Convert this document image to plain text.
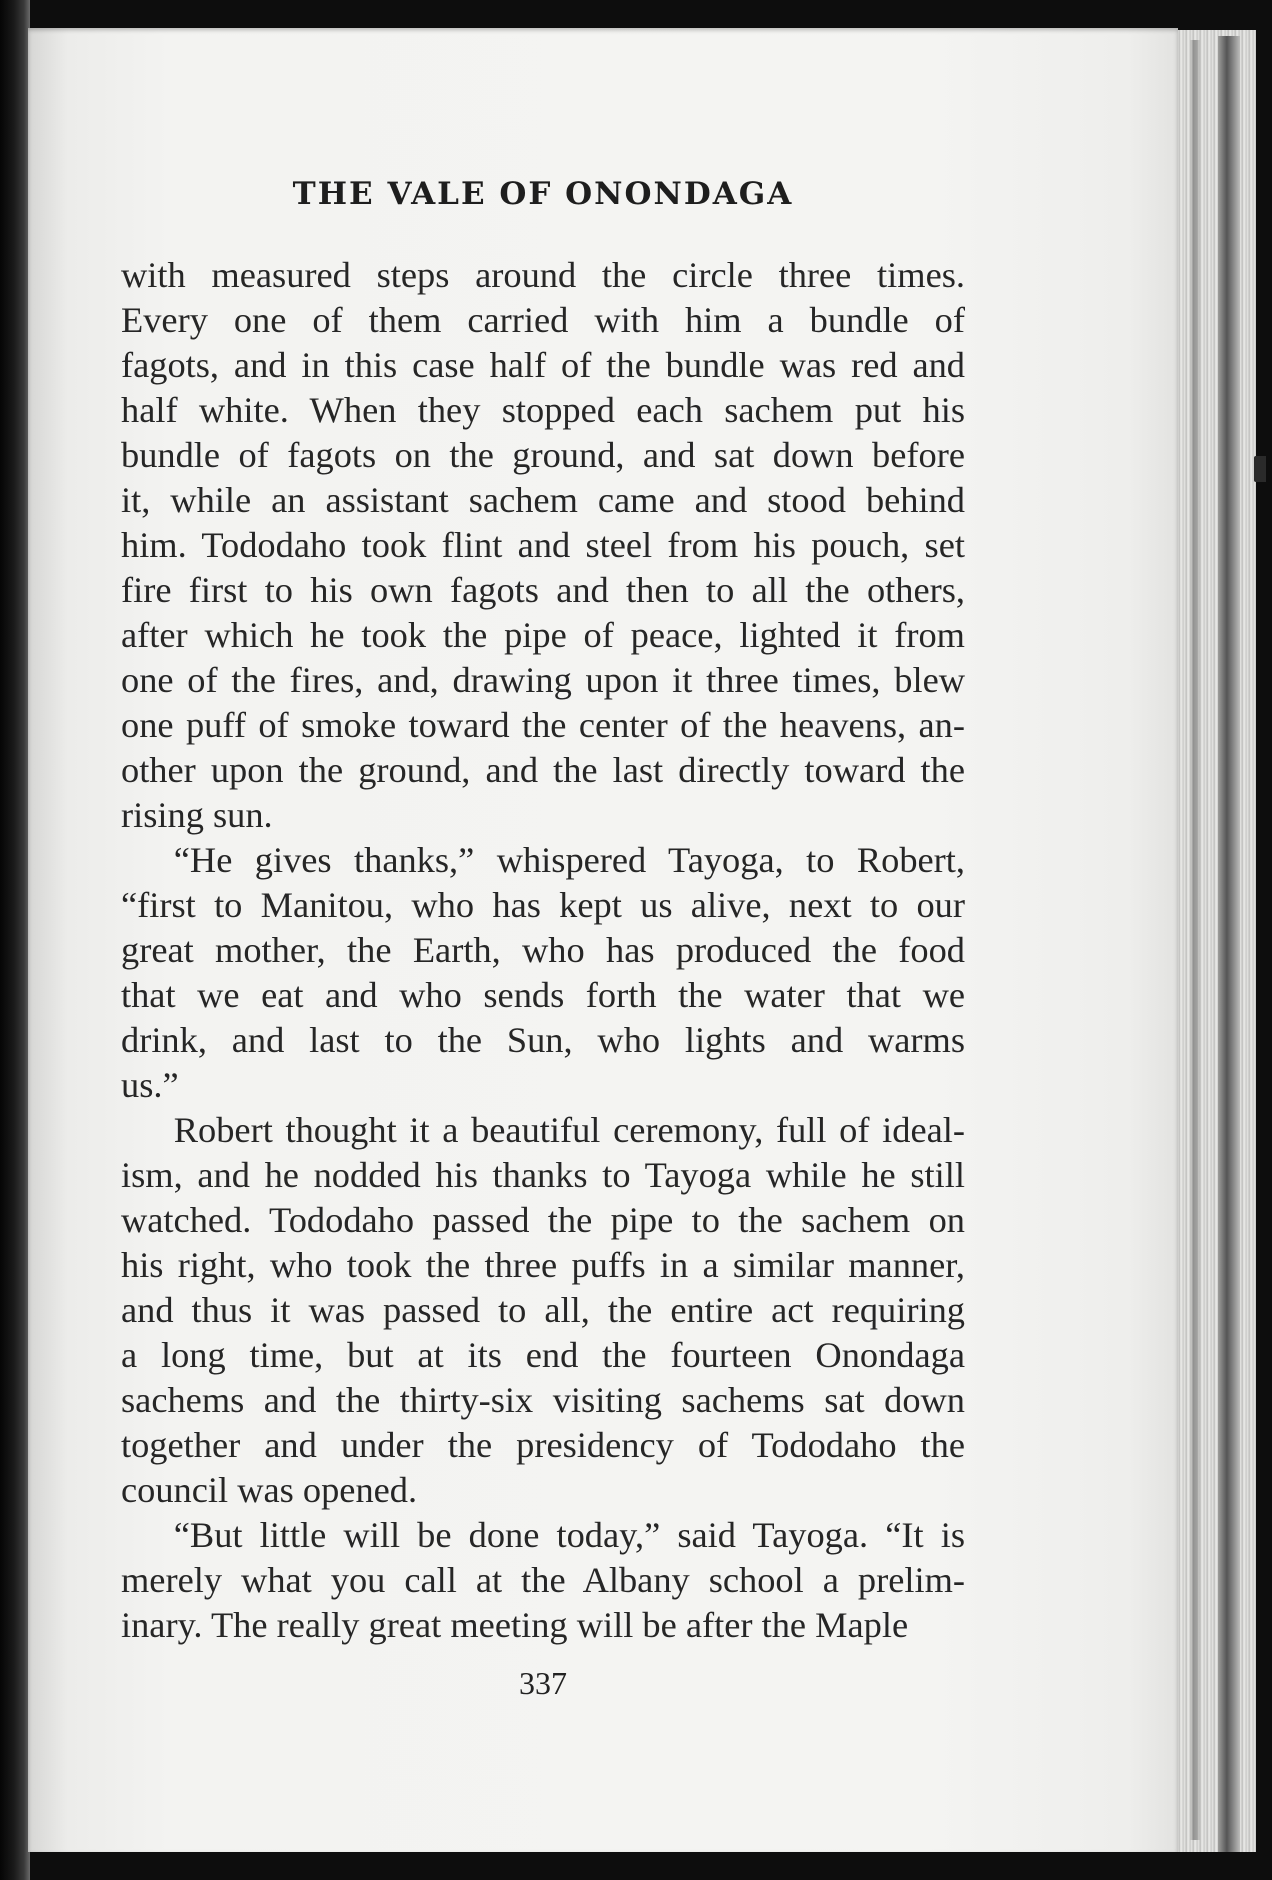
THE VALE OF ONONDAGA

with measured steps around the circle three times.
Every one of them carried with him a bundle of
fagots, and in this case half of the bundle was red and
half white. When they stopped each sachem put his
bundle of fagots on the ground, and sat down before
it, while an assistant sachem came and stood behind
him. Tododaho took flint and steel from his pouch, set
fire first to his own fagots and then to all the others,
after which he took the pipe of peace, lighted it from
one of the fires, and, drawing upon it three times, blew
one puff of smoke toward the center of the heavens, an-
other upon the ground, and the last directly toward the
rising sun.

“He gives thanks,” whispered Tayoga, to Robert,
“first to Manitou, who has kept us alive, next to our
great mother, the Earth, who has produced the food
that we eat and who sends forth the water that we
drink, and last to the Sun, who lights and warms
us.”

Robert thought it a beautiful ceremony, full of ideal-
ism, and he nodded his thanks to Tayoga while he still
watched. Tododaho passed the pipe to the sachem on
his right, who took the three puffs in a similar manner,
and thus it was passed to all, the entire act requiring
a long time, but at its end the fourteen Onondaga
sachems and the thirty-six visiting sachems sat down
together and under the presidency of Tododaho the
council was opened.

“But little will be done today,” said Tayoga. “It is
merely what you call at the Albany school a prelim-
inary. The really great meeting will be after the Maple

337
